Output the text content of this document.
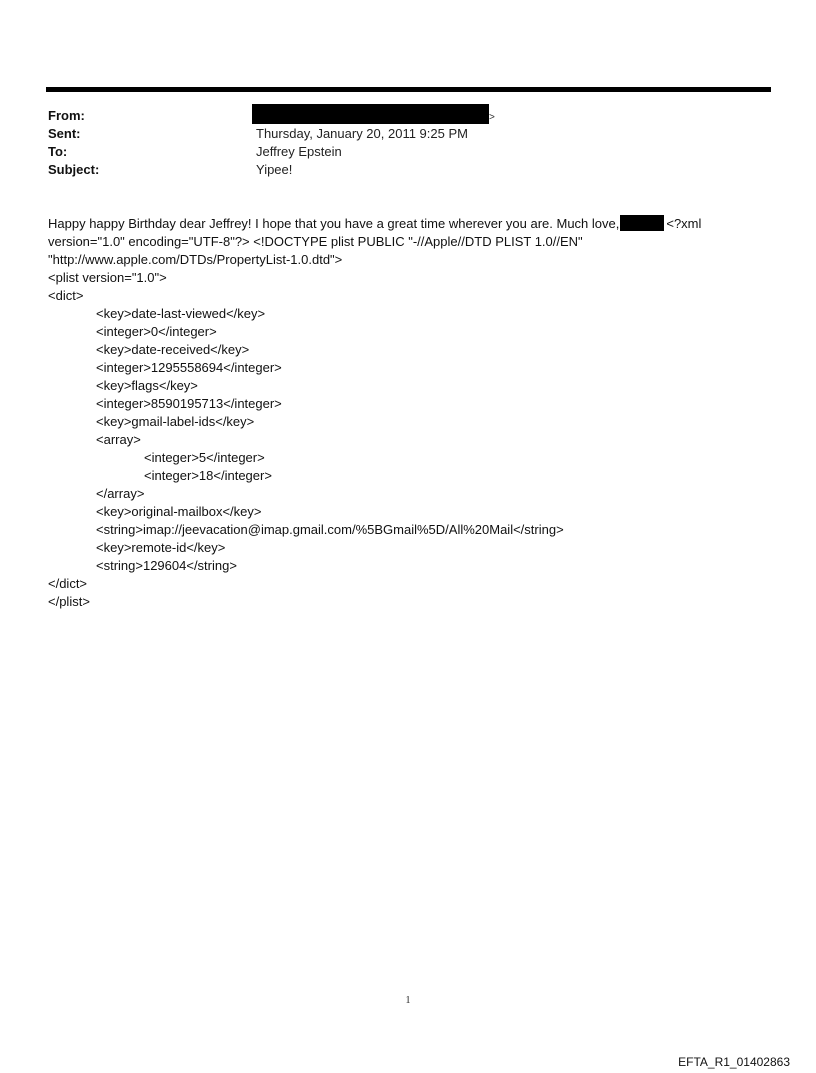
From:	>
Sent:	Thursday, January 20, 2011 9:25 PM
To:	Jeffrey Epstein
Subject:	Yipee!

Happy happy Birthday dear Jeffrey! I hope that you have a great time wherever you are. Much love,	<?xml

version="1.0" encoding="UTF-8"?> <!DOCTYPE plist PUBLIC "-//Apple//DTD PLIST 1.0//EN"

"http://www.apple.com/DTDs/PropertyList-1.0.dtd">

<plist version="1.0">

<dict>

<key>date-last-viewed</key>

<integer>0</integer>

<key>date-received</key>

<integer>1295558694</integer>

<key>flags</key>

<integer>8590195713</integer>

<key>gmail-label-ids</key>

<array>

<integer>5</integer>

<integer>18</integer>

</array>

<key>original-mailbox</key>

<string>imap://jeevacation@imap.gmail.com/%5BGmail%5D/All%20Mail</string>

<key>remote-id</key>

<string>129604</string>

</dict>

</plist>

1
EFTA_R1_01402863
